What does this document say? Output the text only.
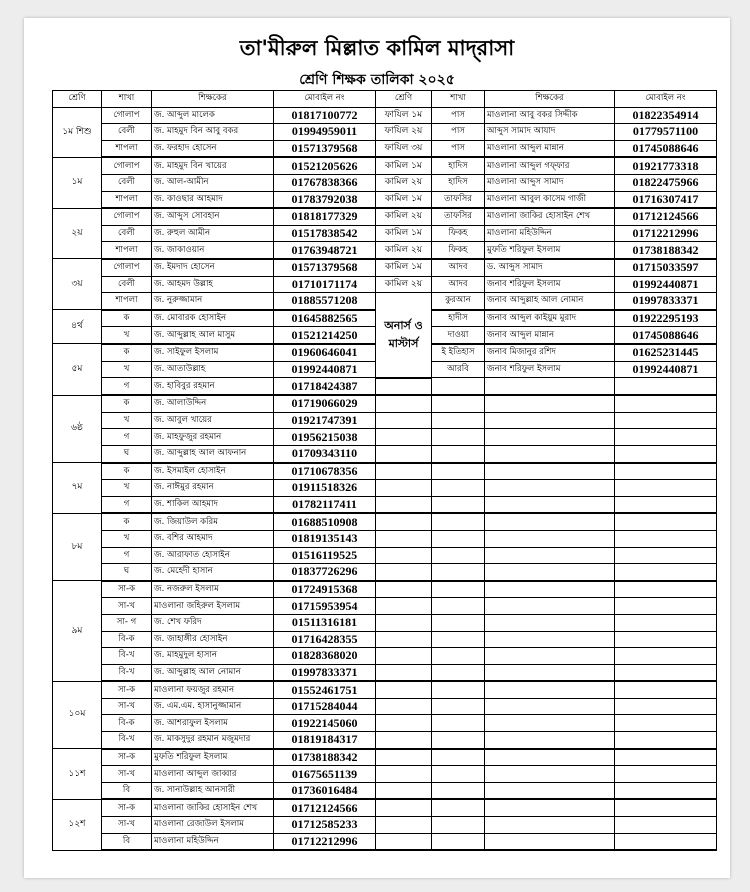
তা'মীরুল মিল্লাত কামিল মাদ্‌রাসা
শ্রেণি শিক্ষক তালিকা ২০২৫
শ্রেণি	শাখা	শিক্ষকের	মোবাইল নং	শ্রেণি	শাখা	শিক্ষকের	মোবাইল নং
১ম শিশু	গোলাপ	জ. আব্দুল মালেক	01817100772	ফাযিল ১ম	পাস	মাওলানা আবু বকর সিদ্দীক	01822354914
	বেলী	জ. মাহমুদ বিন আবু বকর	01994959011	ফাযিল ২য়	পাস	আব্দুস সামাদ আযাদ	01779571100
	শাপলা	জ. ফরহাদ হোসেন	01571379568	ফাযিল ৩য়	পাস	মাওলানা আব্দুল মান্নান	01745088646
১ম	গোলাপ	জ. মাহমুদ বিন খায়ের	01521205626	কামিল ১ম	হাদিস	মাওলানা আব্দুল গফ্ফার	01921773318
	বেলী	জ. আল-আমীন	01767838366	কামিল ২য়	হাদিস	মাওলানা আব্দুস সামাদ	01822475966
	শাপলা	জ. কাওছার আহমাদ	01783792038	কামিল ১ম	তাফসির	মাওলানা আবুল কাসেম গাজী	01716307417
২য়	গোলাপ	জ. আব্দুস সোবহান	01818177329	কামিল ২য়	তাফসির	মাওলানা জাকির হোসাইন শেখ	01712124566
	বেলী	জ. রুহুল আমীন	01517838542	কামিল ১ম	ফিকহ	মাওলানা মহিউদ্দিন	01712212996
	শাপলা	জ. জাকাওয়ান	01763948721	কামিল ২য়	ফিকহ	মুফতি শরিফুল ইসলাম	01738188342
৩য়	গোলাপ	জ. ইমদাদ হোসেন	01571379568	কামিল ১ম	আদব	ড. আব্দুস সামাদ	01715033597
	বেলী	জ. আহমদ উল্লাহ	01710171174	কামিল ২য়	আদব	জনাব শরিফুল ইসলাম	01992440871
	শাপলা	জ. নুরুজ্জামান	01885571208	অনার্স ও মাস্টার্স	কুরআন	জনাব আব্দুল্লাহ আল নোমান	01997833371
৪র্থ	ক	জ. মোবারক হোসাইন	01645882565		হাদীস	জনাব আব্দুল কাইয়ুম মুরাদ	01922295193
	খ	জ. আব্দুল্লাহ আল মাসুম	01521214250		দাওয়া	জনাব আব্দুল মান্নান	01745088646
৫ম	ক	জ. সাইফুল ইসলাম	01960646041		ই ইতিহাস	জনাব মিজানুর রশিদ	01625231445
	খ	জ. আতাউল্লাহ	01992440871		আরবি	জনাব শরিফুল ইসলাম	01992440871
	গ	জ. হাবিবুর রহমান	01718424387				
৬ষ্ঠ	ক	জ. আলাউদ্দিন	01719066029				
	খ	জ. আবুল খায়ের	01921747391				
	গ	জ. মাহফুজুর রহমান	01956215038				
	ঘ	জ. আব্দুল্লাহ আল আফনান	01709343110				
৭ম	ক	জ. ইসমাইল হোসাইন	01710678356				
	খ	জ. নাঈমুর রহমান	01911518326				
	গ	জ. শাকিল আহমাদ	01782117411				
৮ম	ক	জ. জিয়াউল করিম	01688510908				
	খ	জ. বশির আহমাদ	01819135143				
	গ	জ. আরাফাত হোসাইন	01516119525				
	ঘ	জ. মেহেদী হাসান	01837726296				
৯ম	সা-ক	জ. নজরুল ইসলাম	01724915368				
	সা-খ	মাওলানা জহিরুল ইসলাম	01715953954				
	সা- গ	জ. শেখ ফরিদ	01511316181				
	বি-ক	জ. জাহাঙ্গীর হোসাইন	01716428355				
	বি-খ	জ. মাহমুদুল হাসান	01828368020				
	বি-খ	জ. আব্দুল্লাহ আল নোমান	01997833371				
১০ম	সা-ক	মাওলানা ফয়জুর রহমান	01552461751				
	সা-খ	জ. এম.এম. হাসানুজ্জামান	01715284044				
	বি-ক	জ. আশরাফুল ইসলাম	01922145060				
	বি-খ	জ. মাকসুদুর রহমান মজুমদার	01819184317				
১১শ	সা-ক	মুফতি শরিফুল ইসলাম	01738188342				
	সা-খ	মাওলানা আব্দুল জাব্বার	01675651139				
	বি	জ. সানাউল্লাহ আনসারী	01736016484				
১২শ	সা-ক	মাওলানা জাকির হোসাইন শেখ	01712124566				
	সা-খ	মাওলানা রেজাউল ইসলাম	01712585233				
	বি	মাওলানা মহিউদ্দিন	01712212996				
